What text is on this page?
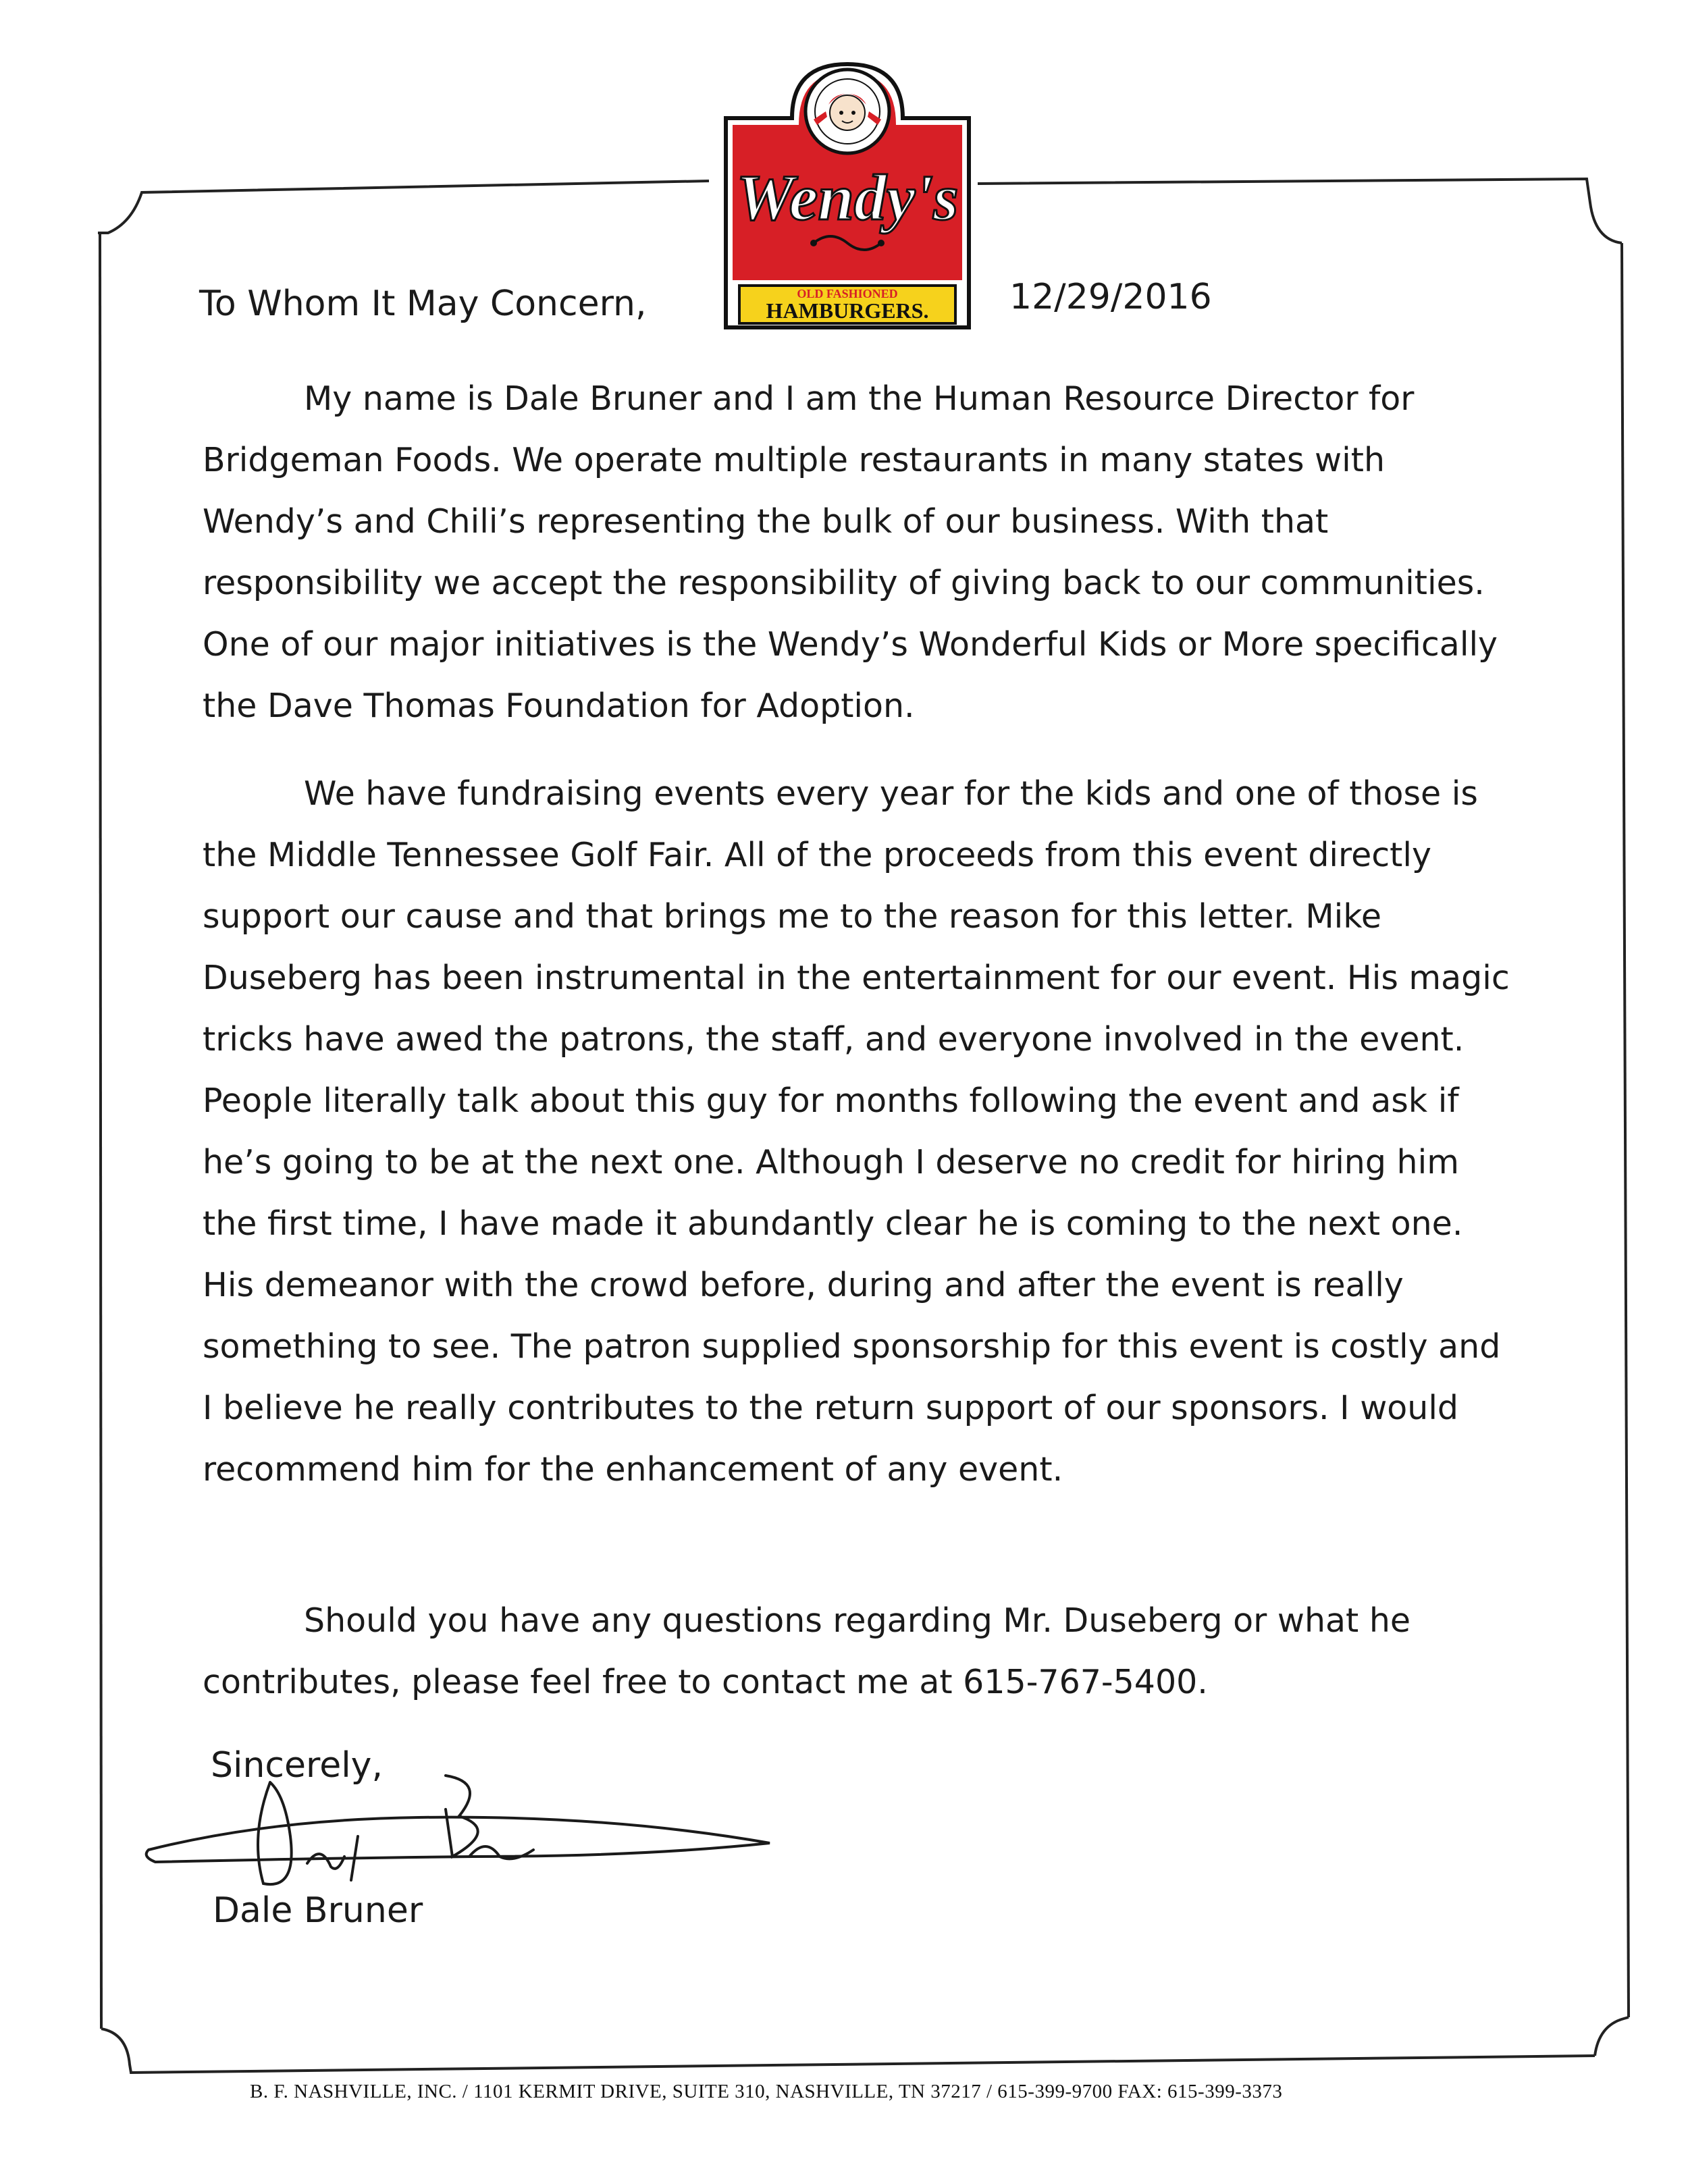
Wendy's
OLD FASHIONED
HAMBURGERS.
To Whom It May Concern,	12/29/2016

My name is Dale Bruner and I am the Human Resource Director for Bridgeman Foods. We operate multiple restaurants in many states with Wendy’s and Chili’s representing the bulk of our business. With that responsibility we accept the responsibility of giving back to our communities. One of our major initiatives is the Wendy’s Wonderful Kids or More specifically the Dave Thomas Foundation for Adoption.

We have fundraising events every year for the kids and one of those is the Middle Tennessee Golf Fair. All of the proceeds from this event directly support our cause and that brings me to the reason for this letter. Mike Duseberg has been instrumental in the entertainment for our event. His magic tricks have awed the patrons, the staff, and everyone involved in the event. People literally talk about this guy for months following the event and ask if he’s going to be at the next one. Although I deserve no credit for hiring him the first time, I have made it abundantly clear he is coming to the next one. His demeanor with the crowd before, during and after the event is really something to see. The patron supplied sponsorship for this event is costly and I believe he really contributes to the return support of our sponsors. I would recommend him for the enhancement of any event.

Should you have any questions regarding Mr. Duseberg or what he contributes, please feel free to contact me at 615-767-5400.

Sincerely,
Dale Bruner
B. F. NASHVILLE, INC. / 1101 KERMIT DRIVE, SUITE 310, NASHVILLE, TN 37217 / 615-399-9700 FAX: 615-399-3373
